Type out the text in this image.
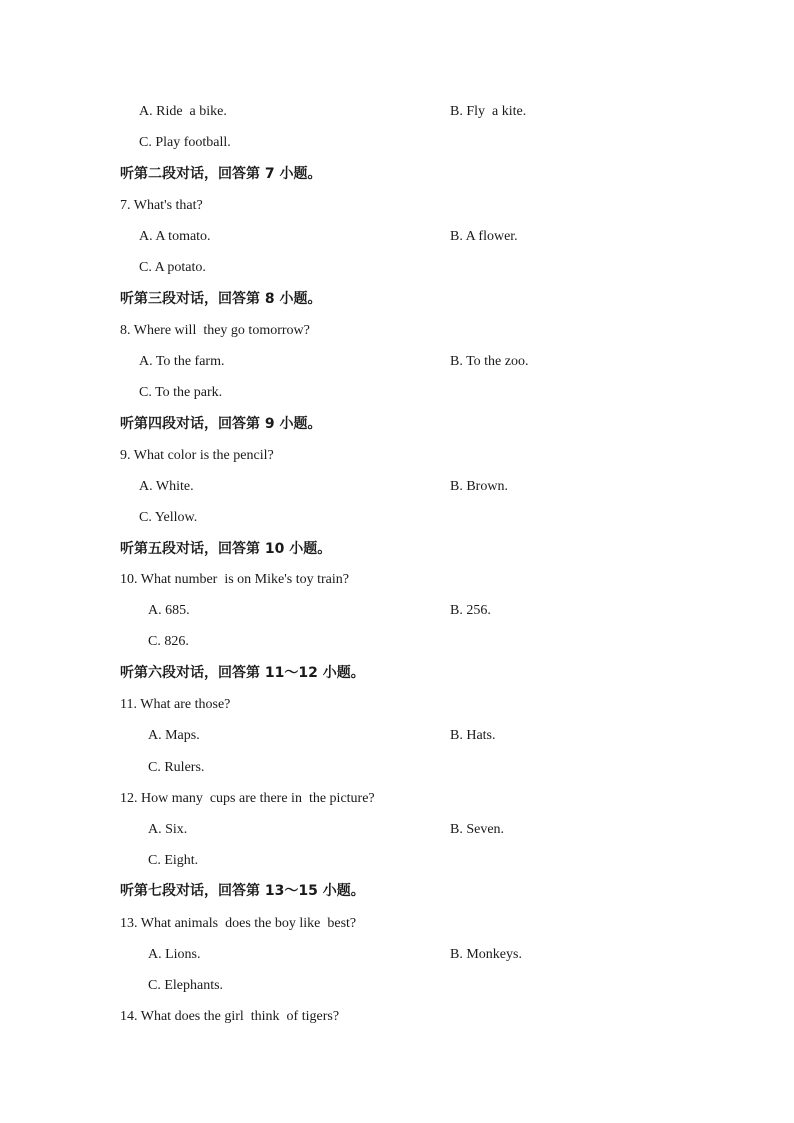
A. Ride  a bike.	B. Fly  a kite.
C. Play football.
听第二段对话，回答第 7 小题。
7. What's that?
A. A tomato.	B. A flower.
C. A potato.
听第三段对话，回答第 8 小题。
8. Where will  they go tomorrow?
A. To the farm.	B. To the zoo.
C. To the park.
听第四段对话，回答第 9 小题。
9. What color is the pencil?
A. White.	B. Brown.
C. Yellow.
听第五段对话，回答第 10 小题。
10. What number  is on Mike's toy train?
A. 685.	B. 256.
C. 826.
听第六段对话，回答第 11～12 小题。
11. What are those?
A. Maps.	B. Hats.
C. Rulers.
12. How many  cups are there in  the picture?
A. Six.	B. Seven.
C. Eight.
听第七段对话，回答第 13～15 小题。
13. What animals  does the boy like  best?
A. Lions.	B. Monkeys.
C. Elephants.
14. What does the girl  think  of tigers?
